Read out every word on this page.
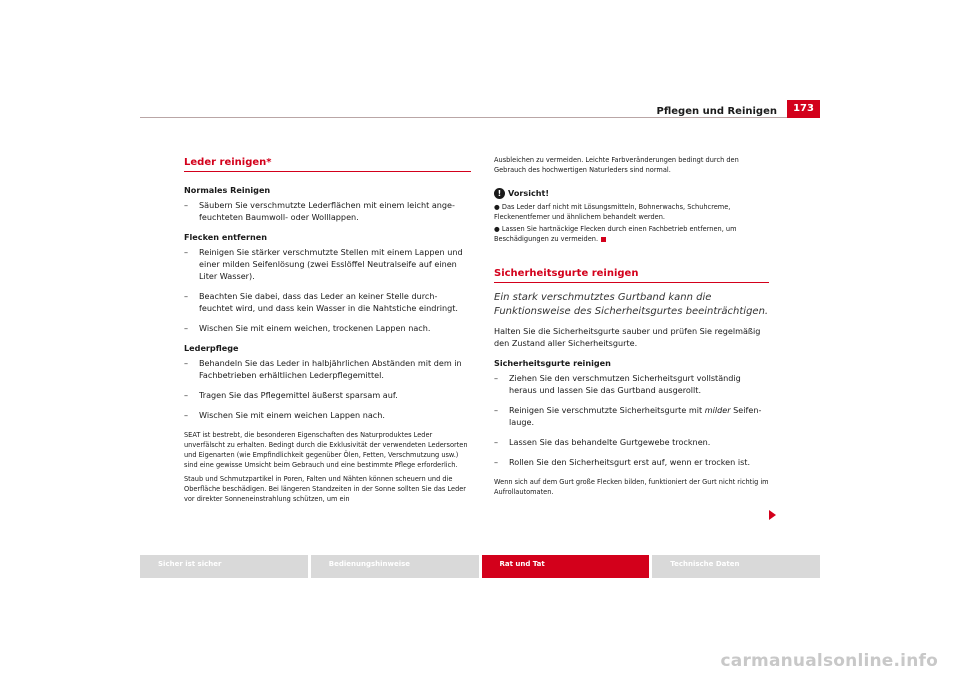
Pflegen und Reinigen	173
Leder reinigen*

Normales Reinigen

– Säubern Sie verschmutzte Lederflächen mit einem leicht ange-feuchteten Baumwoll- oder Wolllappen.

Flecken entfernen

– Reinigen Sie stärker verschmutzte Stellen mit einem Lappen und einer milden Seifenlösung (zwei Esslöffel Neutralseife auf einen Liter Wasser).
– Beachten Sie dabei, dass das Leder an keiner Stelle durch-feuchtet wird, und dass kein Wasser in die Nahtstiche eindringt.
– Wischen Sie mit einem weichen, trockenen Lappen nach.

Lederpflege

– Behandeln Sie das Leder in halbjährlichen Abständen mit dem in Fachbetrieben erhältlichen Lederpflegemittel.
– Tragen Sie das Pflegemittel äußerst sparsam auf.
– Wischen Sie mit einem weichen Lappen nach.

SEAT ist bestrebt, die besonderen Eigenschaften des Naturproduktes Leder unverfälscht zu erhalten. Bedingt durch die Exklusivität der verwendeten Ledersorten und Eigenarten (wie Empfindlichkeit gegenüber Ölen, Fetten, Verschmutzung usw.) sind eine gewisse Umsicht beim Gebrauch und eine bestimmte Pflege erforderlich.

Staub und Schmutzpartikel in Poren, Falten und Nähten können scheuern und die Oberfläche beschädigen. Bei längeren Standzeiten in der Sonne sollten Sie das Leder vor direkter Sonneneinstrahlung schützen, um ein

Ausbleichen zu vermeiden. Leichte Farbveränderungen bedingt durch den Gebrauch des hochwertigen Naturleders sind normal.

! Vorsicht!

● Das Leder darf nicht mit Lösungsmitteln, Bohnerwachs, Schuhcreme, Fleckenentferner und ähnlichem behandelt werden.

● Lassen Sie hartnäckige Flecken durch einen Fachbetrieb entfernen, um Beschädigungen zu vermeiden.

Sicherheitsgurte reinigen

Ein stark verschmutztes Gurtband kann die Funktionsweise des Sicherheitsgurtes beeinträchtigen.

Halten Sie die Sicherheitsgurte sauber und prüfen Sie regelmäßig den Zustand aller Sicherheitsgurte.

Sicherheitsgurte reinigen

– Ziehen Sie den verschmutzen Sicherheitsgurt vollständig heraus und lassen Sie das Gurtband ausgerollt.
– Reinigen Sie verschmutzte Sicherheitsgurte mit milder Seifen-lauge.
– Lassen Sie das behandelte Gurtgewebe trocknen.
– Rollen Sie den Sicherheitsgurt erst auf, wenn er trocken ist.

Wenn sich auf dem Gurt große Flecken bilden, funktioniert der Gurt nicht richtig im Aufrollautomaten.

Sicher ist sicher	Bedienungshinweise	Rat und Tat	Technische Daten
carmanualsonline.info
